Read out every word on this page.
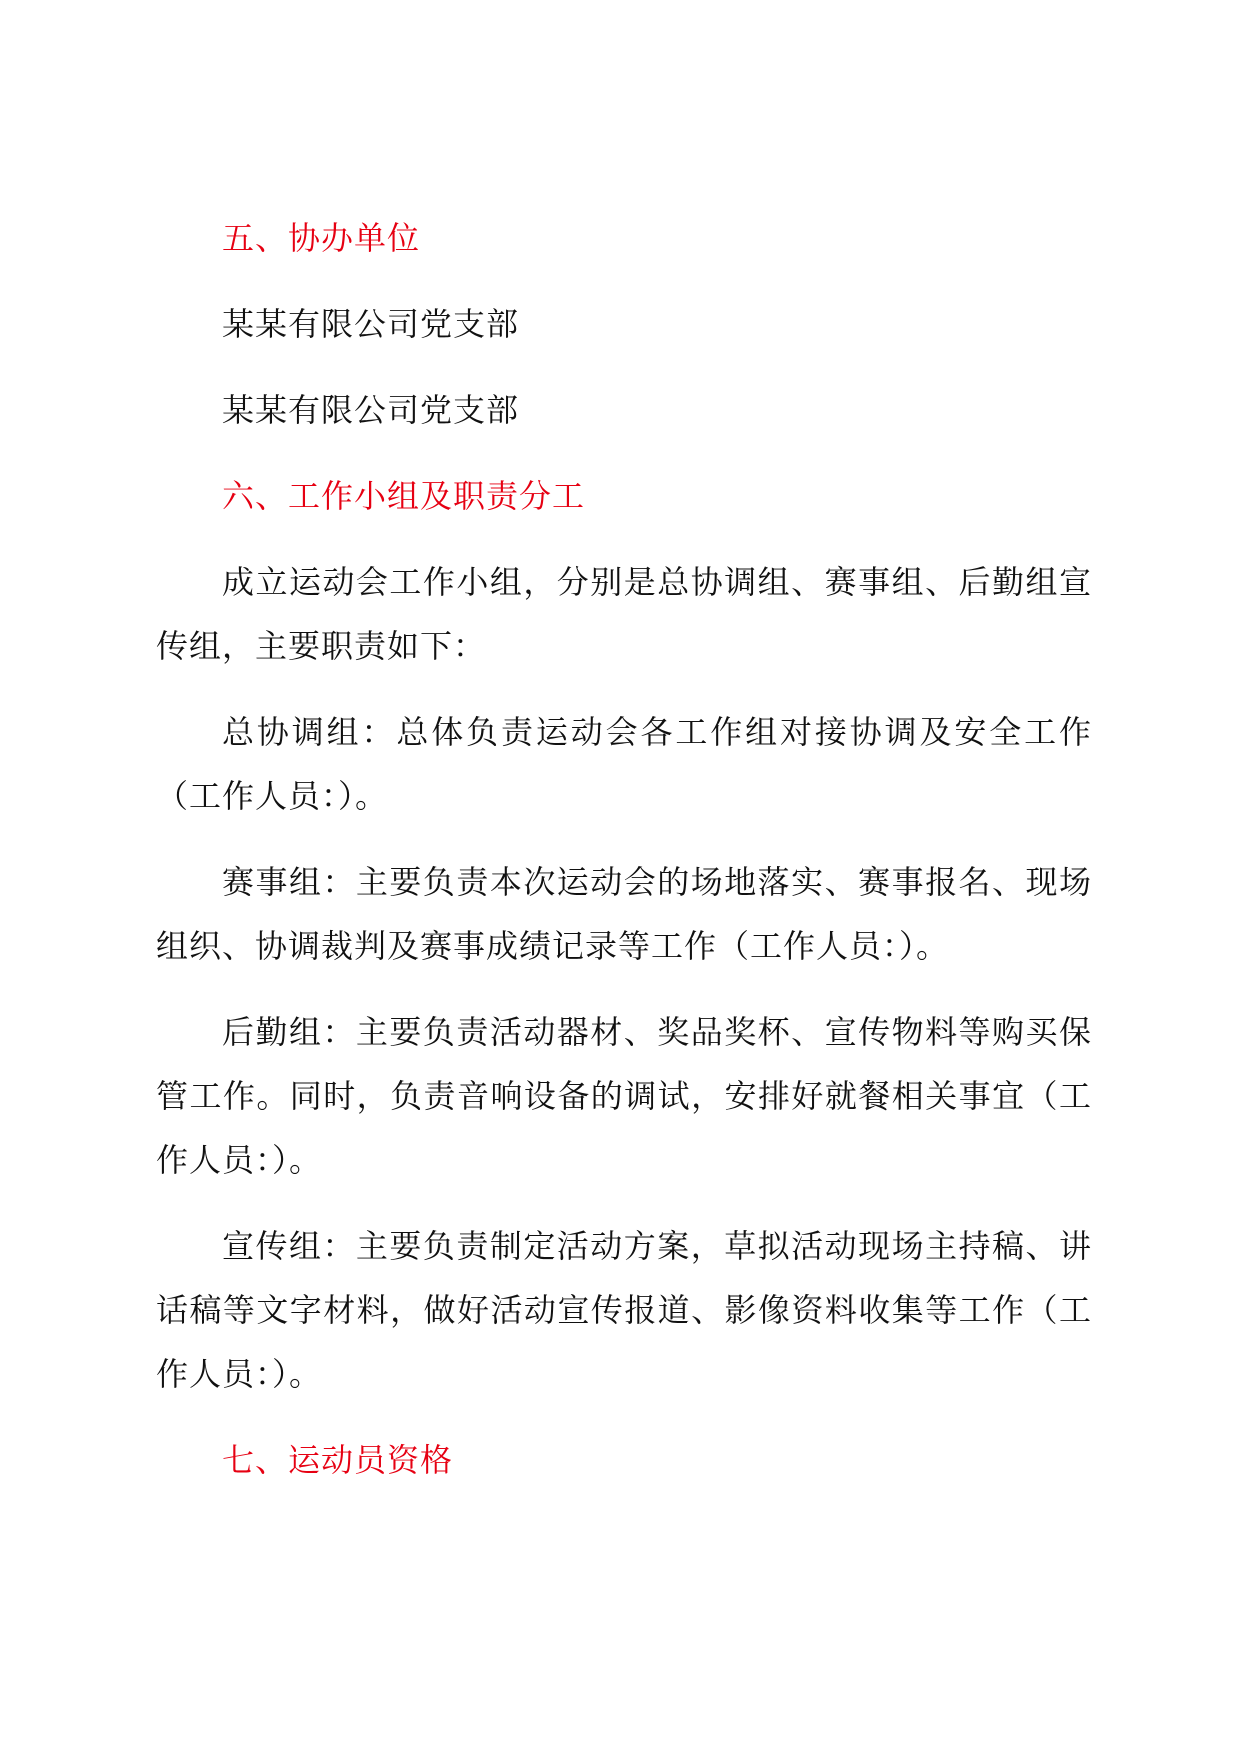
五、协办单位
某某有限公司党支部
某某有限公司党支部
六、工作小组及职责分工
成立运动会工作小组，分别是总协调组、赛事组、后勤组宣传组，主要职责如下：
总协调组：总体负责运动会各工作组对接协调及安全工作（工作人员：）。
赛事组：主要负责本次运动会的场地落实、赛事报名、现场组织、协调裁判及赛事成绩记录等工作（工作人员：）。
后勤组：主要负责活动器材、奖品奖杯、宣传物料等购买保管工作。同时，负责音响设备的调试，安排好就餐相关事宜（工作人员：）。
宣传组：主要负责制定活动方案，草拟活动现场主持稿、讲话稿等文字材料，做好活动宣传报道、影像资料收集等工作（工作人员：）。
七、运动员资格
